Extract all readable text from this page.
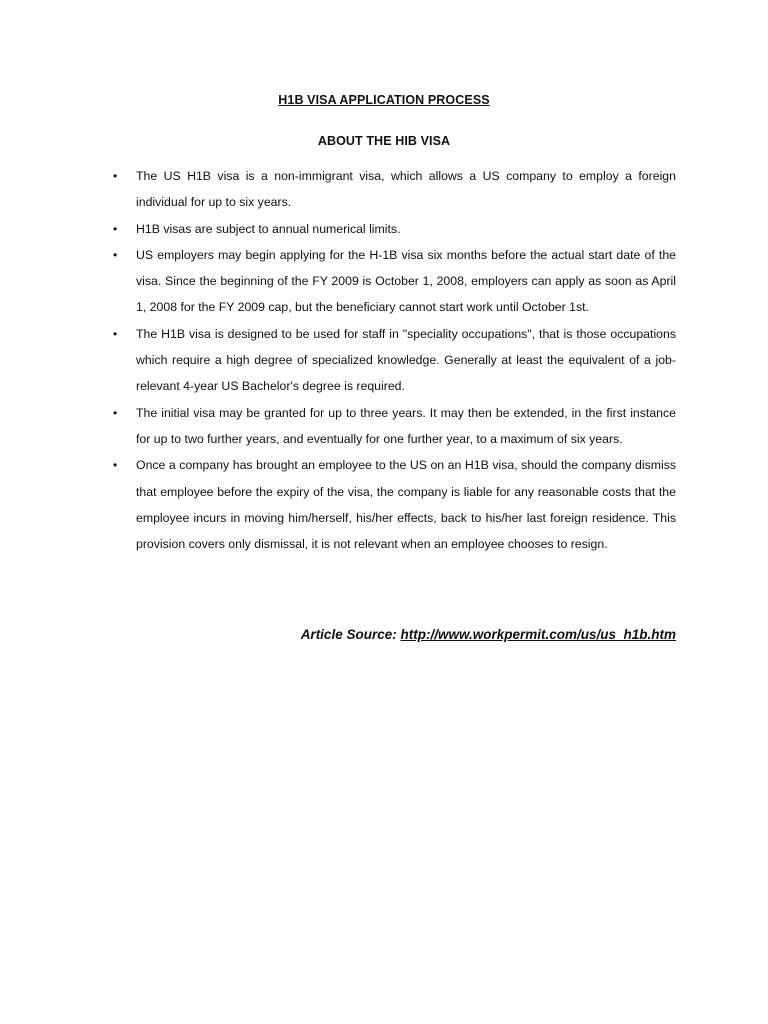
H1B VISA APPLICATION PROCESS
ABOUT THE HIB VISA
• The US H1B visa is a non-immigrant visa, which allows a US company to employ a foreign individual for up to six years.
• H1B visas are subject to annual numerical limits.
• US employers may begin applying for the H-1B visa six months before the actual start date of the visa. Since the beginning of the FY 2009 is October 1, 2008, employers can apply as soon as April 1, 2008 for the FY 2009 cap, but the beneficiary cannot start work until October 1st.
• The H1B visa is designed to be used for staff in "speciality occupations", that is those occupations which require a high degree of specialized knowledge. Generally at least the equivalent of a job-relevant 4-year US Bachelor's degree is required.
• The initial visa may be granted for up to three years. It may then be extended, in the first instance for up to two further years, and eventually for one further year, to a maximum of six years.
• Once a company has brought an employee to the US on an H1B visa, should the company dismiss that employee before the expiry of the visa, the company is liable for any reasonable costs that the employee incurs in moving him/herself, his/her effects, back to his/her last foreign residence. This provision covers only dismissal, it is not relevant when an employee chooses to resign.
Article Source: http://www.workpermit.com/us/us_h1b.htm
